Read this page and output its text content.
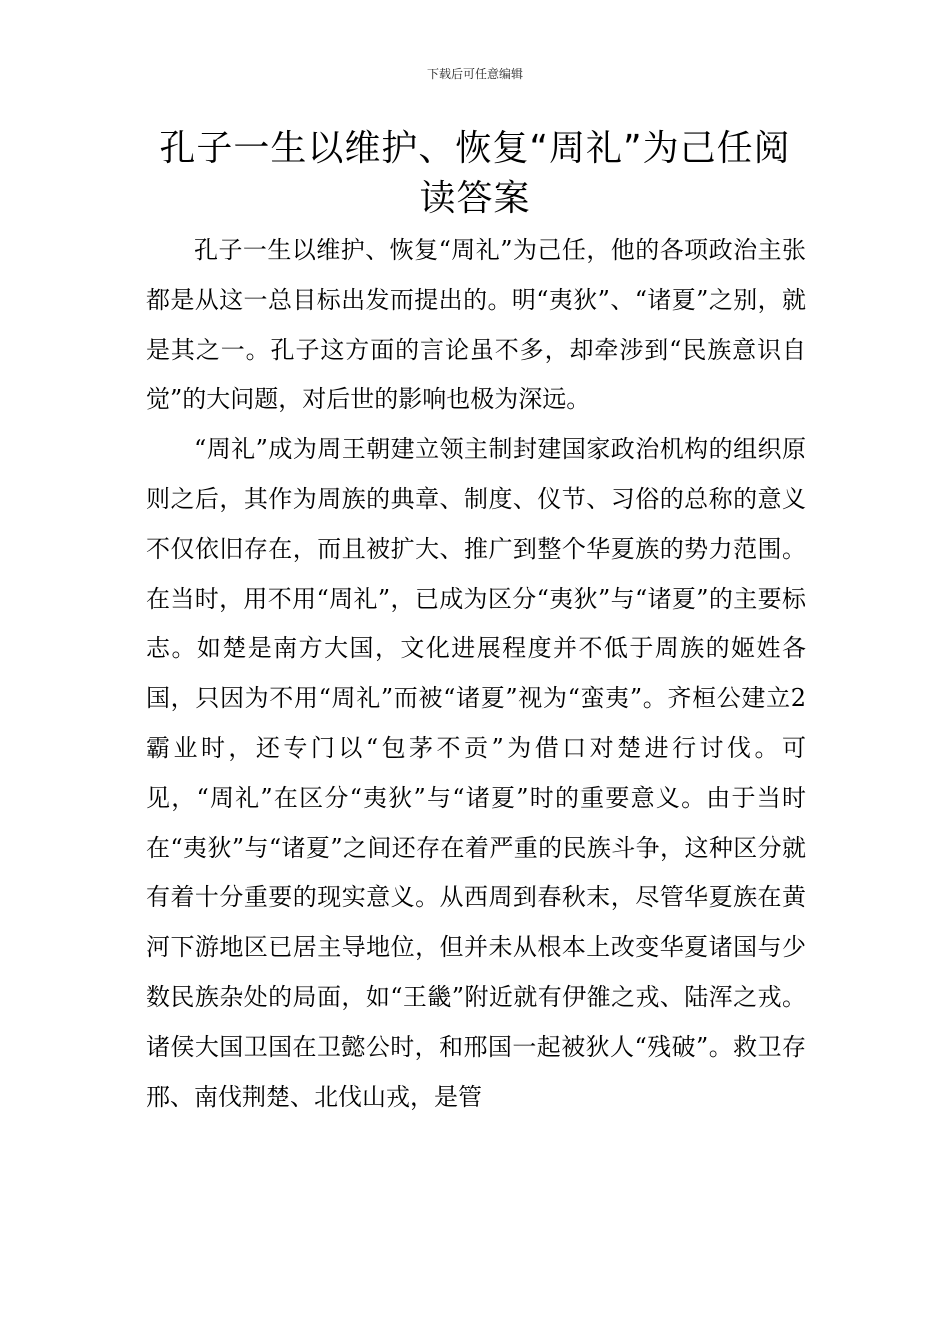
下载后可任意编辑
孔子一生以维护、恢复“周礼”为己任阅读答案

孔子一生以维护、恢复“周礼”为己任，他的各项政治主张都是从这一总目标出发而提出的。明“夷狄”、“诸夏”之别，就是其之一。孔子这方面的言论虽不多，却牵涉到“民族意识自觉”的大问题，对后世的影响也极为深远。

“周礼”成为周王朝建立领主制封建国家政治机构的组织原则之后，其作为周族的典章、制度、仪节、习俗的总称的意义不仅依旧存在，而且被扩大、推广到整个华夏族的势力范围。在当时，用不用“周礼”，已成为区分“夷狄”与“诸夏”的主要标志。如楚是南方大国，文化进展程度并不低于周族的姬姓各国，只因为不用“周礼”而被“诸夏”视为“蛮夷”。齐桓公建立2霸业时，还专门以“包茅不贡”为借口对楚进行讨伐。可见，“周礼”在区分“夷狄”与“诸夏”时的重要意义。由于当时在“夷狄”与“诸夏”之间还存在着严重的民族斗争，这种区分就有着十分重要的现实意义。从西周到春秋末，尽管华夏族在黄河下游地区已居主导地位，但并未从根本上改变华夏诸国与少数民族杂处的局面，如“王畿”附近就有伊雒之戎、陆浑之戎。诸侯大国卫国在卫懿公时，和邢国一起被狄人“残破”。救卫存邢、南伐荆楚、北伐山戎，是管
